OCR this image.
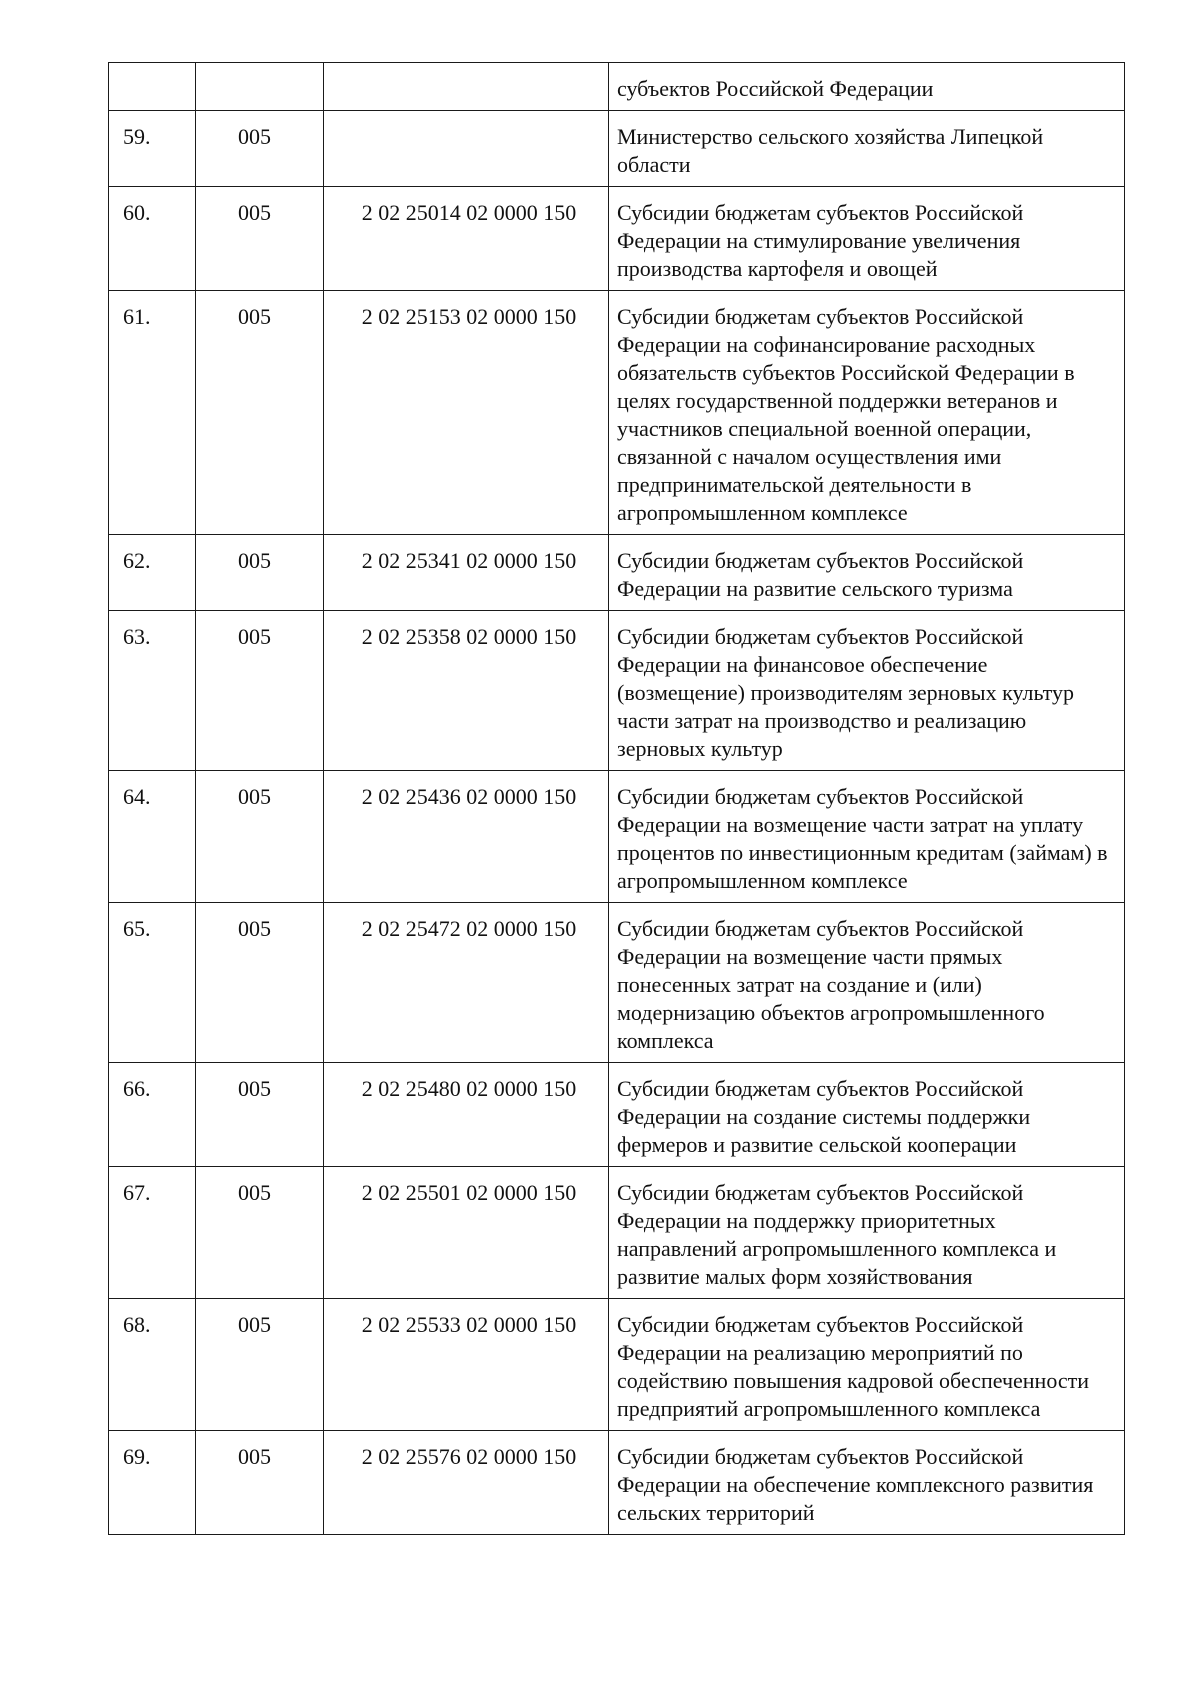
			субъектов Российской Федерации
59.	005		Министерство сельского хозяйства Липецкой области
60.	005	2 02 25014 02 0000 150	Субсидии бюджетам субъектов Российской Федерации на стимулирование увеличения производства картофеля и овощей
61.	005	2 02 25153 02 0000 150	Субсидии бюджетам субъектов Российской Федерации на софинансирование расходных обязательств субъектов Российской Федерации в целях государственной поддержки ветеранов и участников специальной военной операции, связанной с началом осуществления ими предпринимательской деятельности в агропромышленном комплексе
62.	005	2 02 25341 02 0000 150	Субсидии бюджетам субъектов Российской Федерации на развитие сельского туризма
63.	005	2 02 25358 02 0000 150	Субсидии бюджетам субъектов Российской Федерации на финансовое обеспечение (возмещение) производителям зерновых культур части затрат на производство и реализацию зерновых культур
64.	005	2 02 25436 02 0000 150	Субсидии бюджетам субъектов Российской Федерации на возмещение части затрат на уплату процентов по инвестиционным кредитам (займам) в агропромышленном комплексе
65.	005	2 02 25472 02 0000 150	Субсидии бюджетам субъектов Российской Федерации на возмещение части прямых понесенных затрат на создание и (или) модернизацию объектов агропромышленного комплекса
66.	005	2 02 25480 02 0000 150	Субсидии бюджетам субъектов Российской Федерации на создание системы поддержки фермеров и развитие сельской кооперации
67.	005	2 02 25501 02 0000 150	Субсидии бюджетам субъектов Российской Федерации на поддержку приоритетных направлений агропромышленного комплекса и развитие малых форм хозяйствования
68.	005	2 02 25533 02 0000 150	Субсидии бюджетам субъектов Российской Федерации на реализацию мероприятий по содействию повышения кадровой обеспеченности предприятий агропромышленного комплекса
69.	005	2 02 25576 02 0000 150	Субсидии бюджетам субъектов Российской Федерации на обеспечение комплексного развития сельских территорий
